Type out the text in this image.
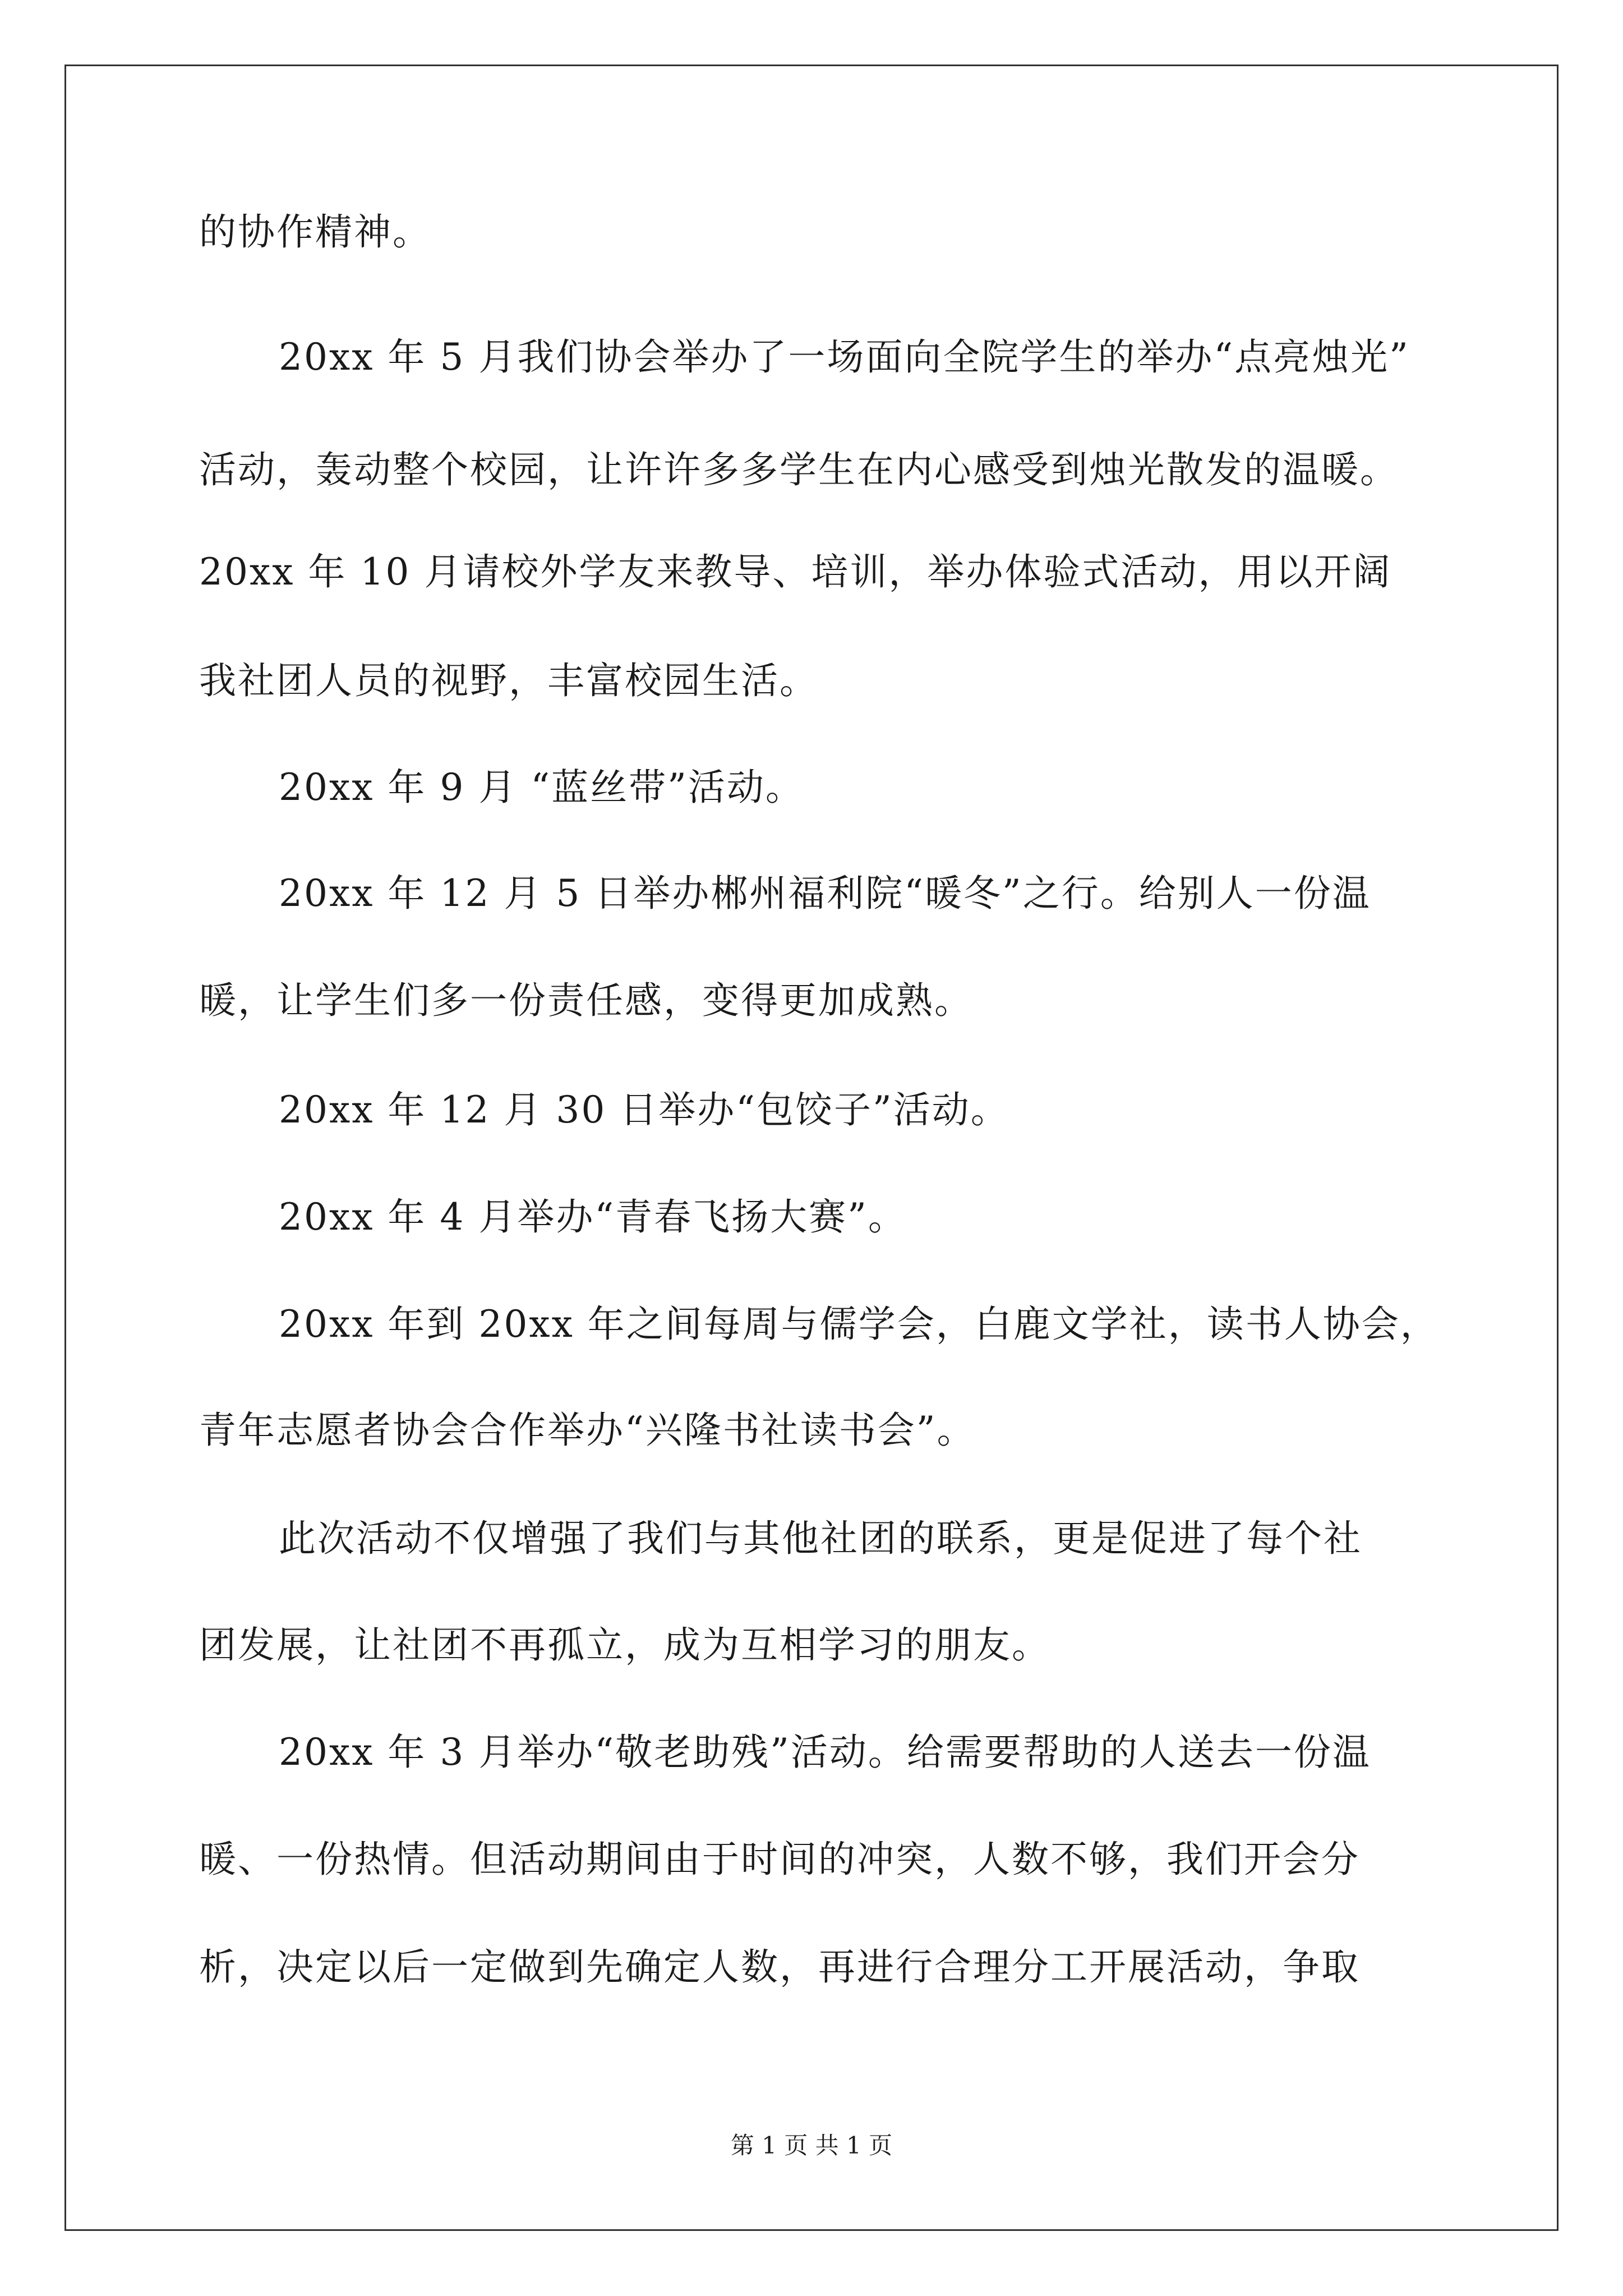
的协作精神。
20xx 年 5 月我们协会举办了一场面向全院学生的举办“点亮烛光”
活动，轰动整个校园，让许许多多学生在内心感受到烛光散发的温暖。
20xx 年 10 月请校外学友来教导、培训，举办体验式活动，用以开阔
我社团人员的视野，丰富校园生活。
20xx 年 9 月 “蓝丝带”活动。
20xx 年 12 月 5 日举办郴州福利院“暖冬”之行。给别人一份温
暖，让学生们多一份责任感，变得更加成熟。
20xx 年 12 月 30 日举办“包饺子”活动。
20xx 年 4 月举办“青春飞扬大赛”。
20xx 年到 20xx 年之间每周与儒学会，白鹿文学社，读书人协会，
青年志愿者协会合作举办“兴隆书社读书会”。
此次活动不仅增强了我们与其他社团的联系，更是促进了每个社
团发展，让社团不再孤立，成为互相学习的朋友。
20xx 年 3 月举办“敬老助残”活动。给需要帮助的人送去一份温
暖、一份热情。但活动期间由于时间的冲突，人数不够，我们开会分
析，决定以后一定做到先确定人数，再进行合理分工开展活动，争取
第 1 页 共 1 页
